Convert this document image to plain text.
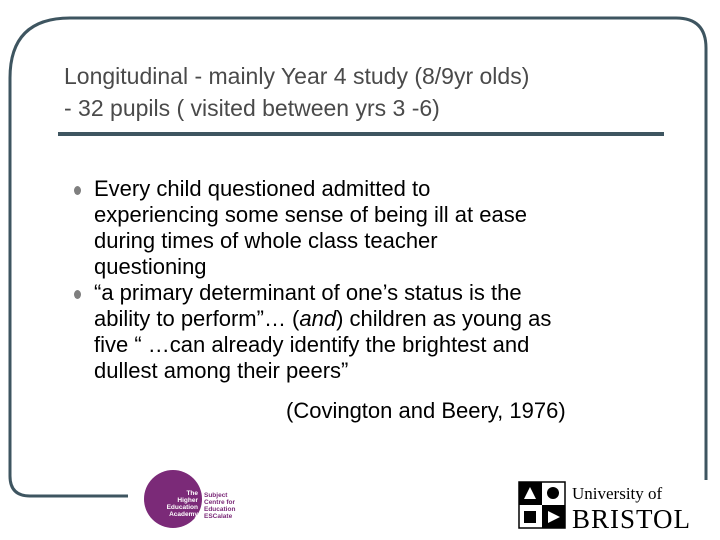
Longitudinal - mainly Year 4 study (8/9yr olds)
- 32 pupils ( visited between yrs 3 -6)
Every child questioned admitted to
experiencing some sense of being ill at ease
during times of whole class teacher
questioning
“a primary determinant of one’s status is the
ability to perform”… (and) children as young as
five “ …can already identify the brightest and
dullest among their peers”
(Covington and Beery, 1976)
The
Higher
Education
Academy
Subject
Centre for
Education
ESCalate
University of
BRISTOL
